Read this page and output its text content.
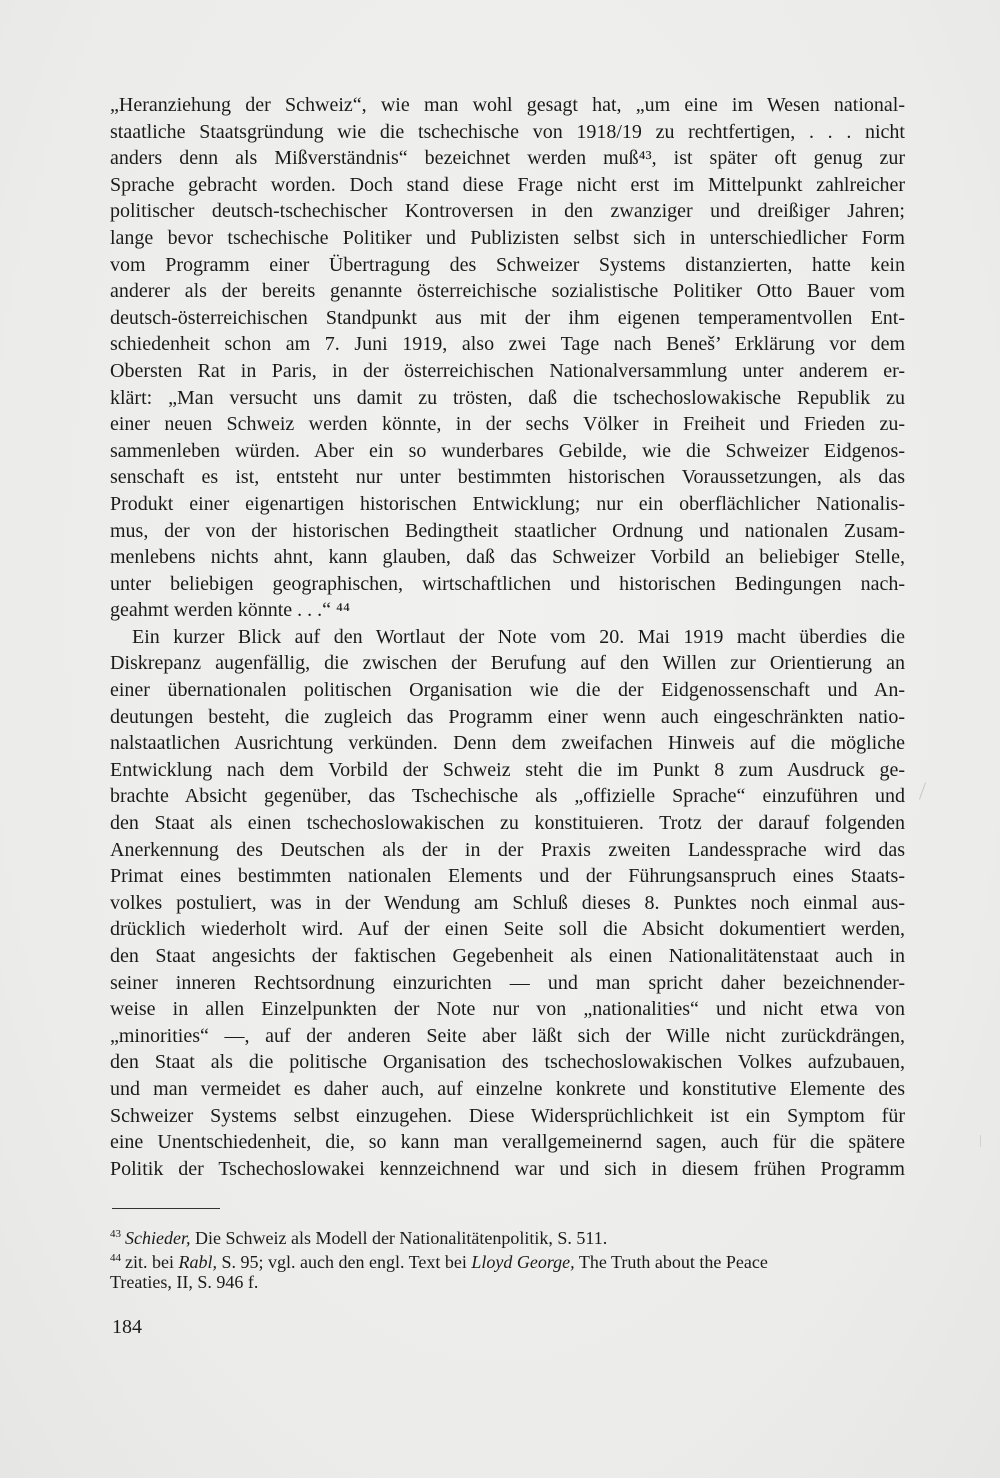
„Heranziehung der Schweiz“, wie man wohl gesagt hat, „um eine im Wesen national-
staatliche Staatsgründung wie die tschechische von 1918/19 zu rechtfertigen, . . . nicht
anders denn als Mißverständnis“ bezeichnet werden muß⁴³, ist später oft genug zur
Sprache gebracht worden. Doch stand diese Frage nicht erst im Mittelpunkt zahlreicher
politischer deutsch-tschechischer Kontroversen in den zwanziger und dreißiger Jahren;
lange bevor tschechische Politiker und Publizisten selbst sich in unterschiedlicher Form
vom Programm einer Übertragung des Schweizer Systems distanzierten, hatte kein
anderer als der bereits genannte österreichische sozialistische Politiker Otto Bauer vom
deutsch-österreichischen Standpunkt aus mit der ihm eigenen temperamentvollen Ent-
schiedenheit schon am 7. Juni 1919, also zwei Tage nach Beneš’ Erklärung vor dem
Obersten Rat in Paris, in der österreichischen Nationalversammlung unter anderem er-
klärt: „Man versucht uns damit zu trösten, daß die tschechoslowakische Republik zu
einer neuen Schweiz werden könnte, in der sechs Völker in Freiheit und Frieden zu-
sammenleben würden. Aber ein so wunderbares Gebilde, wie die Schweizer Eidgenos-
senschaft es ist, entsteht nur unter bestimmten historischen Voraussetzungen, als das
Produkt einer eigenartigen historischen Entwicklung; nur ein oberflächlicher Nationalis-
mus, der von der historischen Bedingtheit staatlicher Ordnung und nationalen Zusam-
menlebens nichts ahnt, kann glauben, daß das Schweizer Vorbild an beliebiger Stelle,
unter beliebigen geographischen, wirtschaftlichen und historischen Bedingungen nach-
geahmt werden könnte . . .“ ⁴⁴
Ein kurzer Blick auf den Wortlaut der Note vom 20. Mai 1919 macht überdies die
Diskrepanz augenfällig, die zwischen der Berufung auf den Willen zur Orientierung an
einer übernationalen politischen Organisation wie die der Eidgenossenschaft und An-
deutungen besteht, die zugleich das Programm einer wenn auch eingeschränkten natio-
nalstaatlichen Ausrichtung verkünden. Denn dem zweifachen Hinweis auf die mögliche
Entwicklung nach dem Vorbild der Schweiz steht die im Punkt 8 zum Ausdruck ge-
brachte Absicht gegenüber, das Tschechische als „offizielle Sprache“ einzuführen und
den Staat als einen tschechoslowakischen zu konstituieren. Trotz der darauf folgenden
Anerkennung des Deutschen als der in der Praxis zweiten Landessprache wird das
Primat eines bestimmten nationalen Elements und der Führungsanspruch eines Staats-
volkes postuliert, was in der Wendung am Schluß dieses 8. Punktes noch einmal aus-
drücklich wiederholt wird. Auf der einen Seite soll die Absicht dokumentiert werden,
den Staat angesichts der faktischen Gegebenheit als einen Nationalitätenstaat auch in
seiner inneren Rechtsordnung einzurichten — und man spricht daher bezeichnender-
weise in allen Einzelpunkten der Note nur von „nationalities“ und nicht etwa von
„minorities“ —, auf der anderen Seite aber läßt sich der Wille nicht zurückdrängen,
den Staat als die politische Organisation des tschechoslowakischen Volkes aufzubauen,
und man vermeidet es daher auch, auf einzelne konkrete und konstitutive Elemente des
Schweizer Systems selbst einzugehen. Diese Widersprüchlichkeit ist ein Symptom für
eine Unentschiedenheit, die, so kann man verallgemeinernd sagen, auch für die spätere
Politik der Tschechoslowakei kennzeichnend war und sich in diesem frühen Programm
$^{43}$ Schieder, Die Schweiz als Modell der Nationalitätenpolitik, S. 511.
$^{44}$ zit. bei Rabl, S. 95; vgl. auch den engl. Text bei Lloyd George, The Truth about the Peace
Treaties, II, S. 946 f.
184
